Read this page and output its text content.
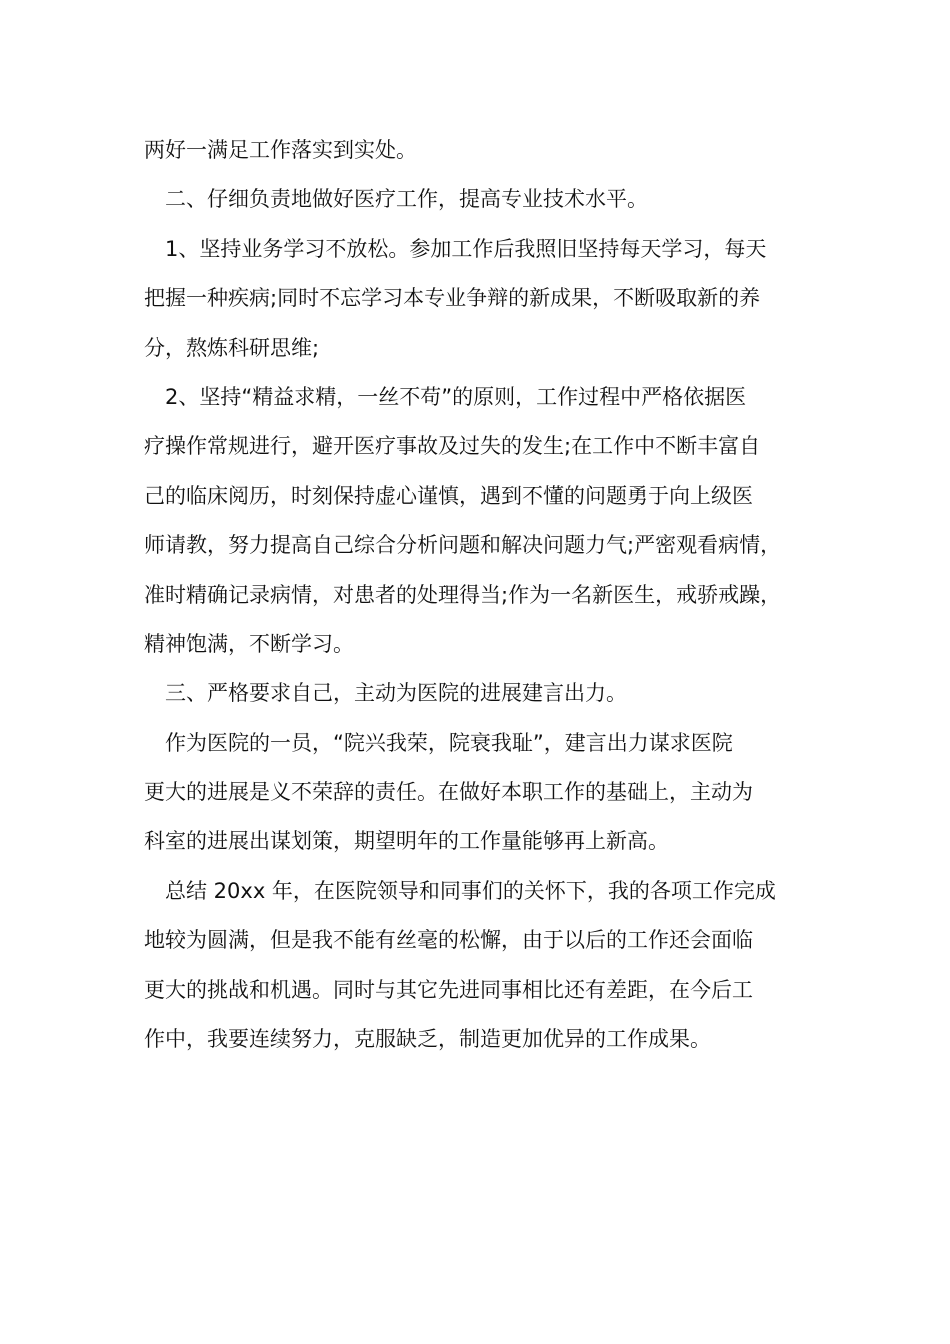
两好一满足工作落实到实处。
二、仔细负责地做好医疗工作，提高专业技术水平。
1、坚持业务学习不放松。参加工作后我照旧坚持每天学习，每天
把握一种疾病;同时不忘学习本专业争辩的新成果，不断吸取新的养
分，熬炼科研思维;
2、坚持“精益求精，一丝不苟”的原则，工作过程中严格依据医
疗操作常规进行，避开医疗事故及过失的发生;在工作中不断丰富自
己的临床阅历，时刻保持虚心谨慎，遇到不懂的问题勇于向上级医
师请教，努力提高自己综合分析问题和解决问题力气;严密观看病情，
准时精确记录病情，对患者的处理得当;作为一名新医生，戒骄戒躁，
精神饱满，不断学习。
三、严格要求自己，主动为医院的进展建言出力。
作为医院的一员，“院兴我荣，院衰我耻”，建言出力谋求医院
更大的进展是义不荣辞的责任。在做好本职工作的基础上，主动为
科室的进展出谋划策，期望明年的工作量能够再上新高。
总结 20xx 年，在医院领导和同事们的关怀下，我的各项工作完成
地较为圆满，但是我不能有丝毫的松懈，由于以后的工作还会面临
更大的挑战和机遇。同时与其它先进同事相比还有差距，在今后工
作中，我要连续努力，克服缺乏，制造更加优异的工作成果。
